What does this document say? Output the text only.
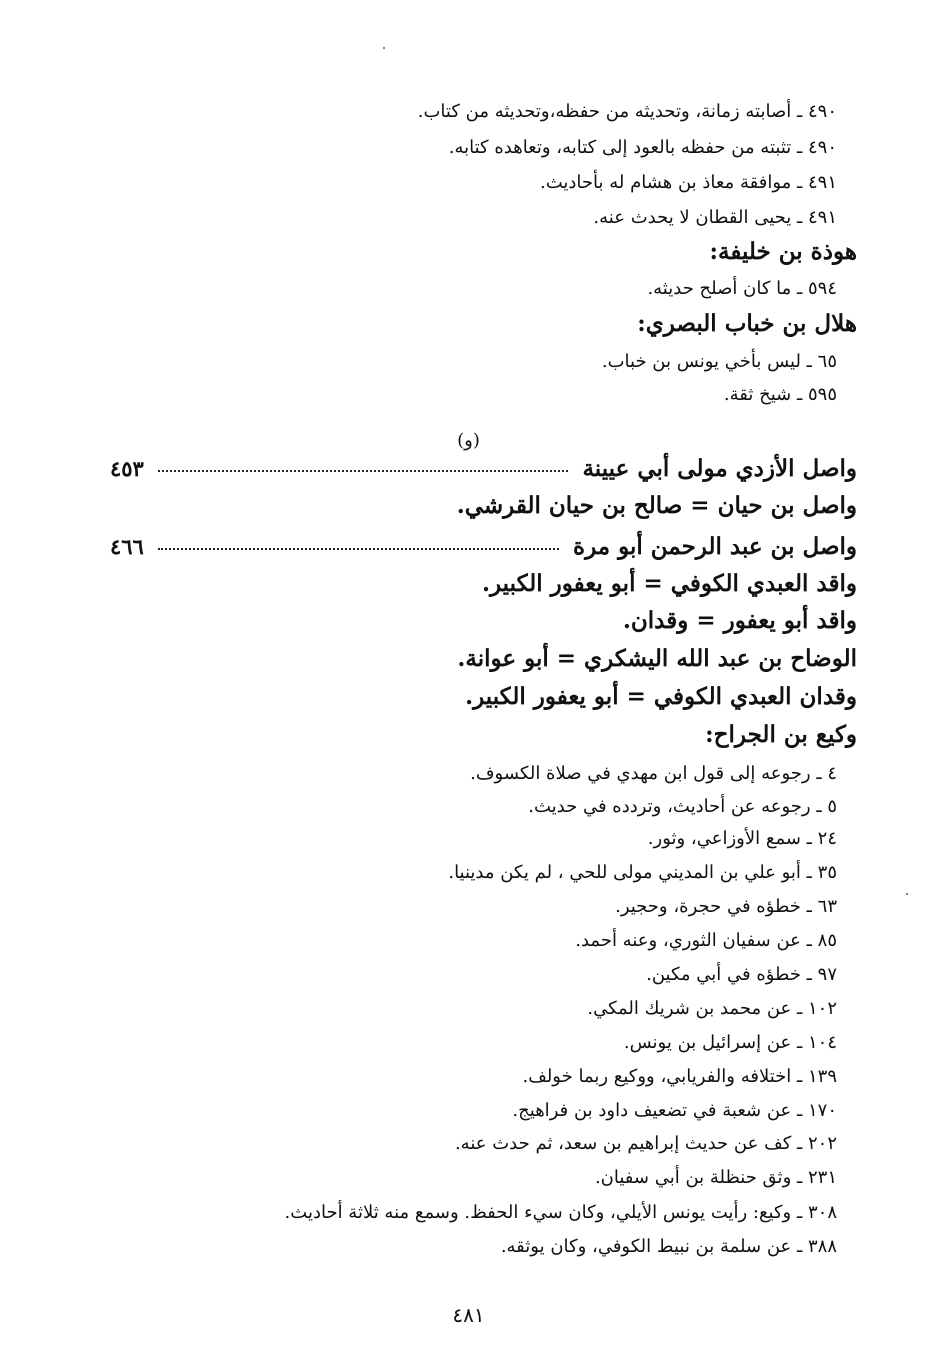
٤٩٠ ـ أصابته زمانة، وتحديثه من حفظه،وتحديثه من كتاب.
٤٩٠ ـ تثبته من حفظه بالعود إلى كتابه، وتعاهده كتابه.
٤٩١ ـ موافقة معاذ بن هشام له بأحاديث.
٤٩١ ـ يحيى القطان لا يحدث عنه.
هوذة بن خليفة:
٥٩٤ ـ ما كان أصلح حديثه.
هلال بن خباب البصري:
٦٥ ـ ليس بأخي يونس بن خباب.
٥٩٥ ـ شيخ ثقة.
(و)
واصل الأزدي مولى أبي عيينة
٤٥٣
واصل بن حيان = صالح بن حيان القرشي.
واصل بن عبد الرحمن أبو مرة
٤٦٦
واقد العبدي الكوفي = أبو يعفور الكبير.
واقد أبو يعفور = وقدان.
الوضاح بن عبد الله اليشكري = أبو عوانة.
وقدان العبدي الكوفي = أبو يعفور الكبير.
وكيع بن الجراح:
٤ ـ رجوعه إلى قول ابن مهدي في صلاة الكسوف.
٥ ـ رجوعه عن أحاديث، وتردده في حديث.
٢٤ ـ سمع الأوزاعي، وثور.
٣٥ ـ أبو علي بن المديني مولى للحي ، لم يكن مدينيا.
٦٣ ـ خطؤه في حجرة، وحجير.
٨٥ ـ عن سفيان الثوري، وعنه أحمد.
٩٧ ـ خطؤه في أبي مكين.
١٠٢ ـ عن محمد بن شريك المكي.
١٠٤ ـ عن إسرائيل بن يونس.
١٣٩ ـ اختلافه والفريابي، ووكيع ربما خولف.
١٧٠ ـ عن شعبة في تضعيف داود بن فراهيج.
٢٠٢ ـ كف عن حديث إبراهيم بن سعد، ثم حدث عنه.
٢٣١ ـ وثق حنظلة بن أبي سفيان.
٣٠٨ ـ وكيع: رأيت يونس الأيلي، وكان سيء الحفظ. وسمع منه ثلاثة أحاديث.
٣٨٨ ـ عن سلمة بن نبيط الكوفي، وكان يوثقه.
٤٨١
